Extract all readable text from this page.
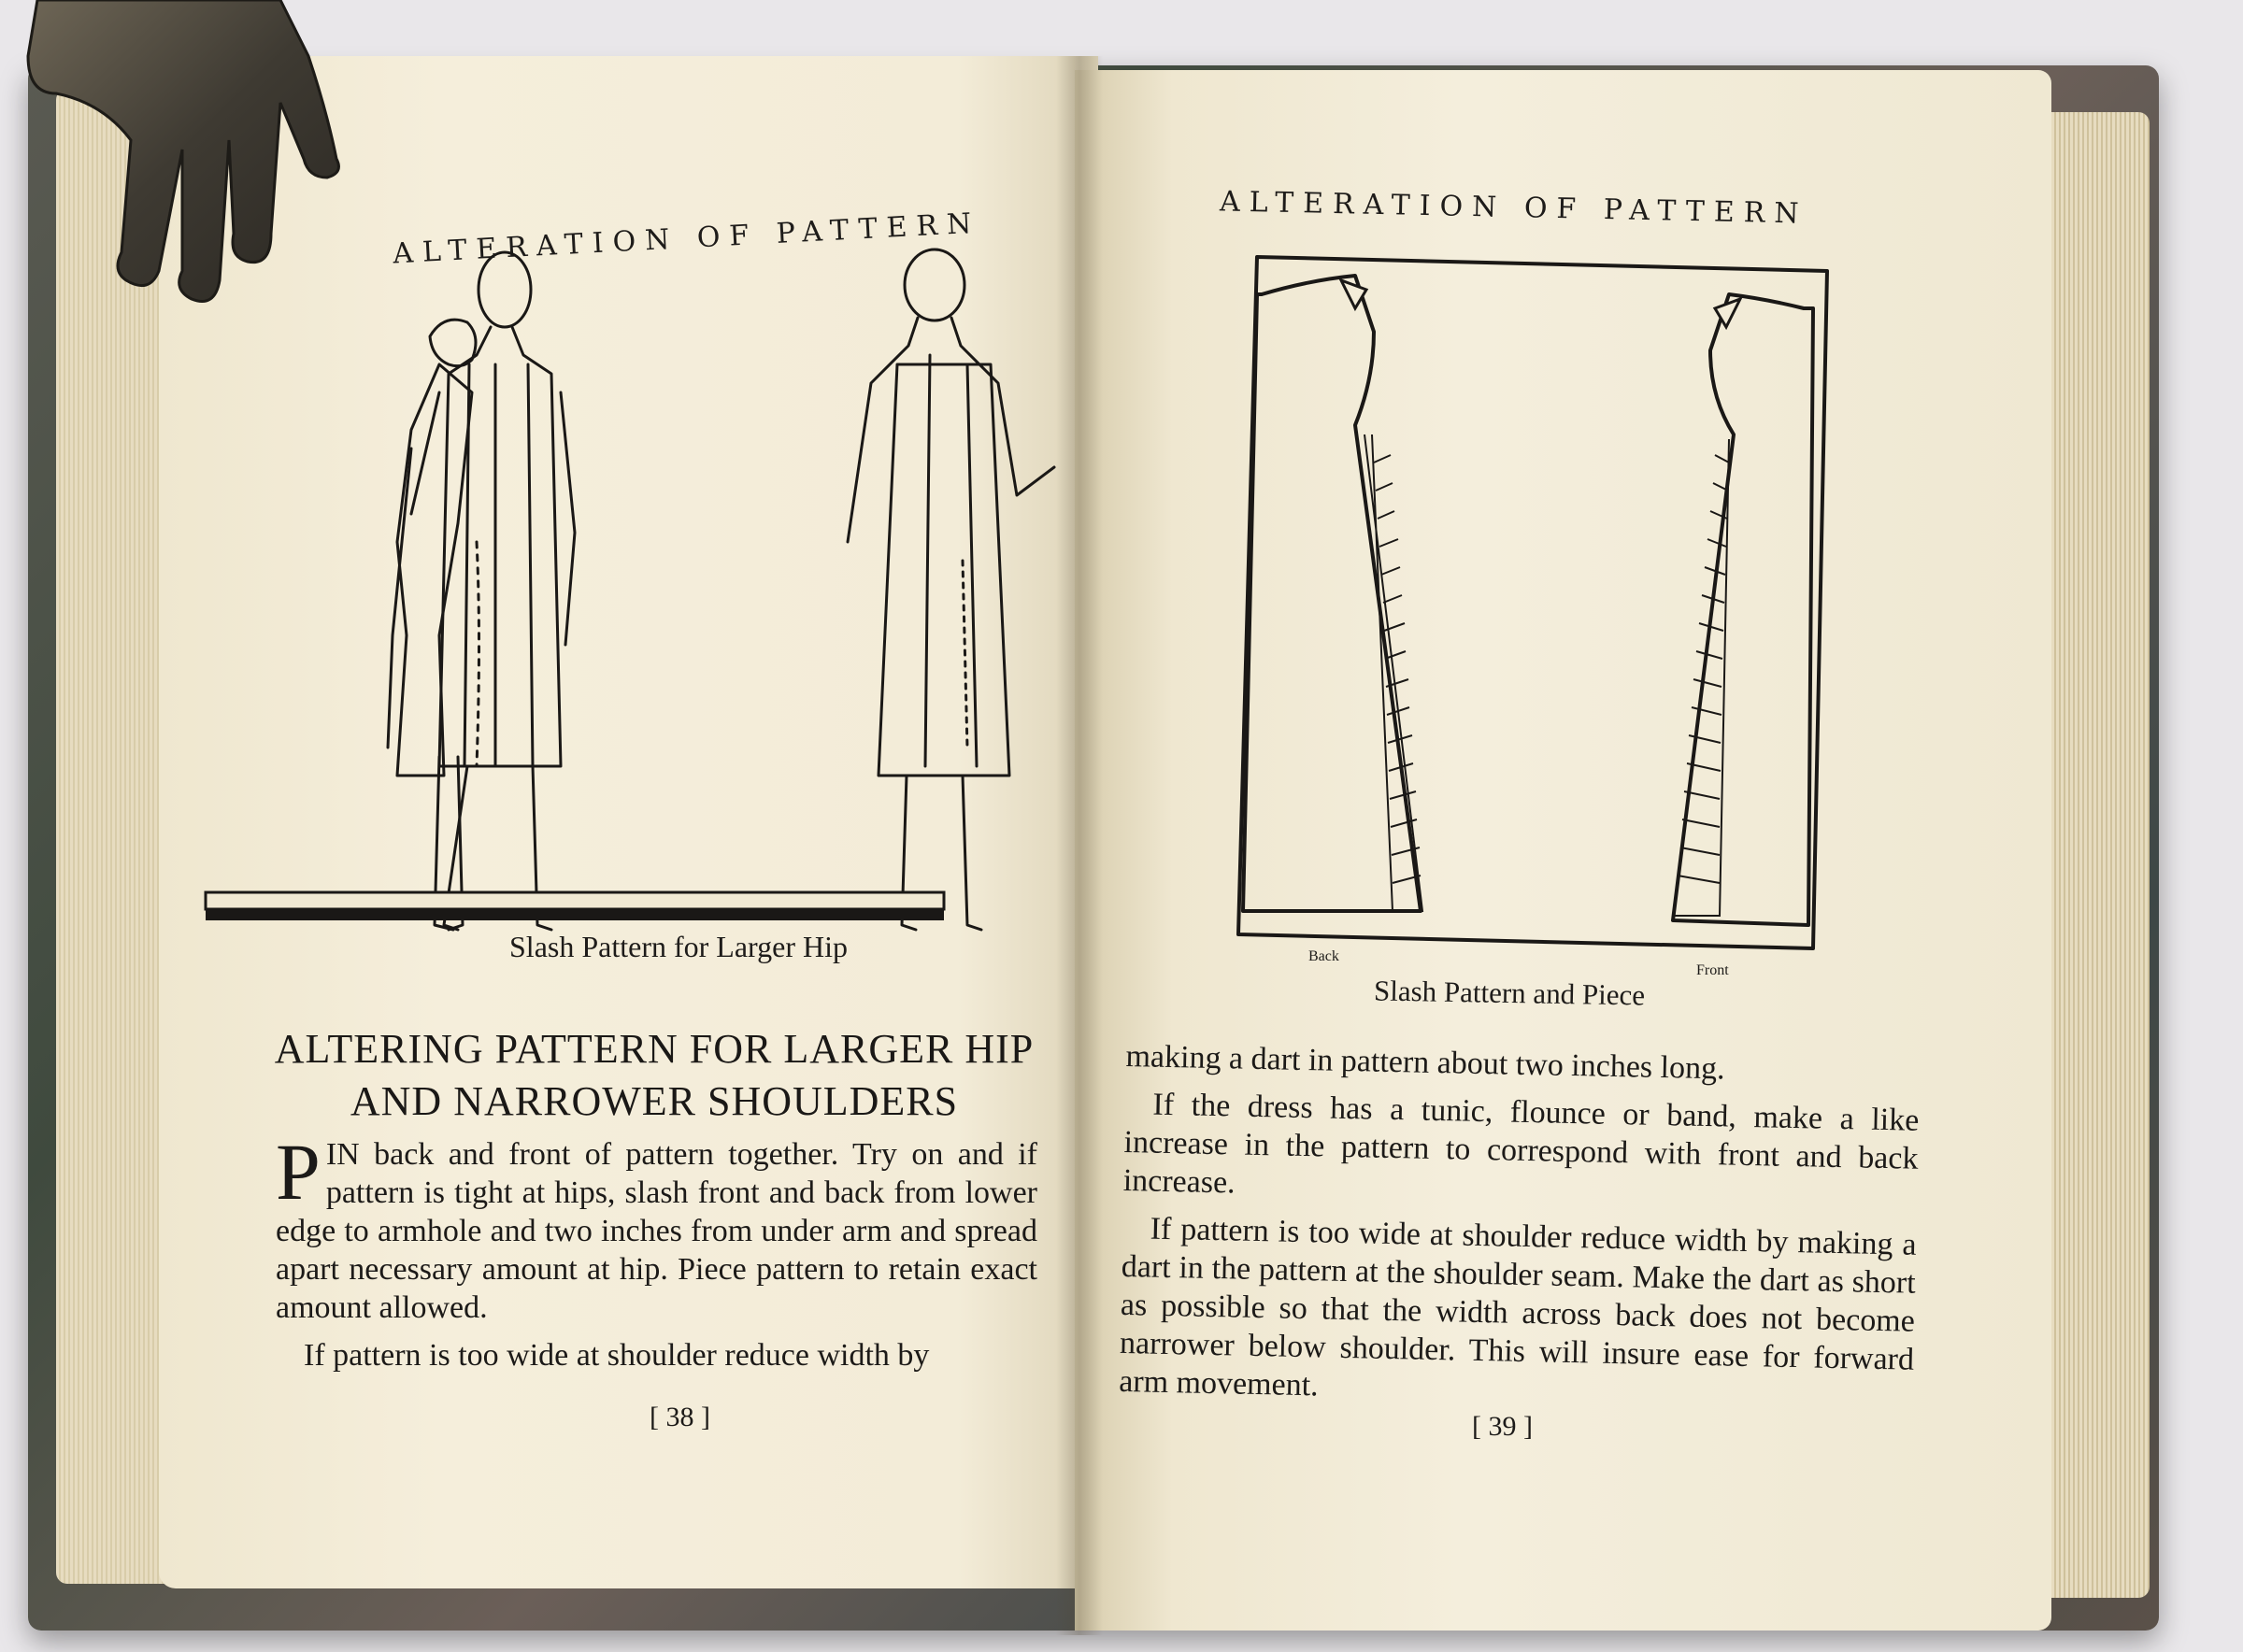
ALTERATION OF PATTERN
Slash Pattern for Larger Hip
ALTERING PATTERN FOR LARGER HIP
AND NARROWER SHOULDERS

PIN back and front of pattern together. Try on and if pattern is tight at hips, slash front and back from lower edge to armhole and two inches from under arm and spread apart necessary amount at hip. Piece pattern to retain exact amount allowed.

If pattern is too wide at shoulder reduce width by

[ 38 ]
ALTERATION OF PATTERN
Back
Front
Slash Pattern and Piece

making a dart in pattern about two inches long.

If the dress has a tunic, flounce or band, make a like increase in the pattern to correspond with front and back increase.

If pattern is too wide at shoulder reduce width by making a dart in the pattern at the shoulder seam. Make the dart as short as possible so that the width across back does not become narrower below shoulder. This will insure ease for forward arm movement.

[ 39 ]
